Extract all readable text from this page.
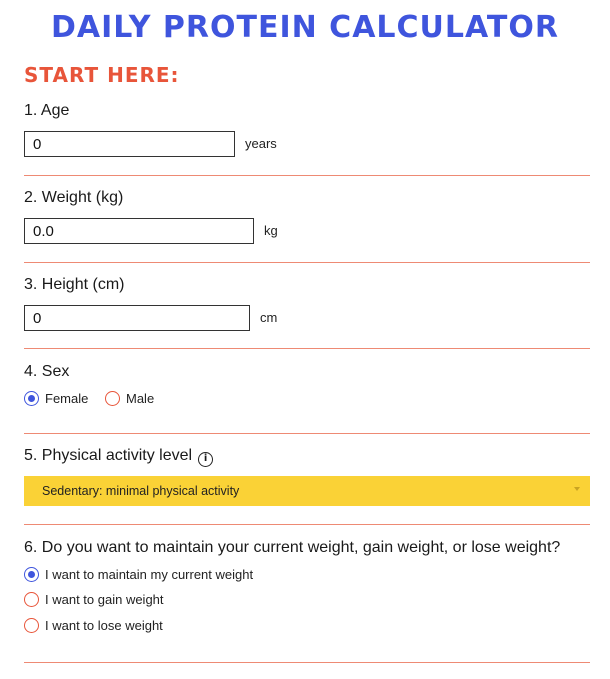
DAILY PROTEIN CALCULATOR
START HERE:
1. Age
0
years
2. Weight (kg)
0.0
kg
3. Height (cm)
0
cm
4. Sex
Female	Male
5. Physical activity level i
Sedentary: minimal physical activity
6. Do you want to maintain your current weight, gain weight, or lose weight?
I want to maintain my current weight
I want to gain weight
I want to lose weight
